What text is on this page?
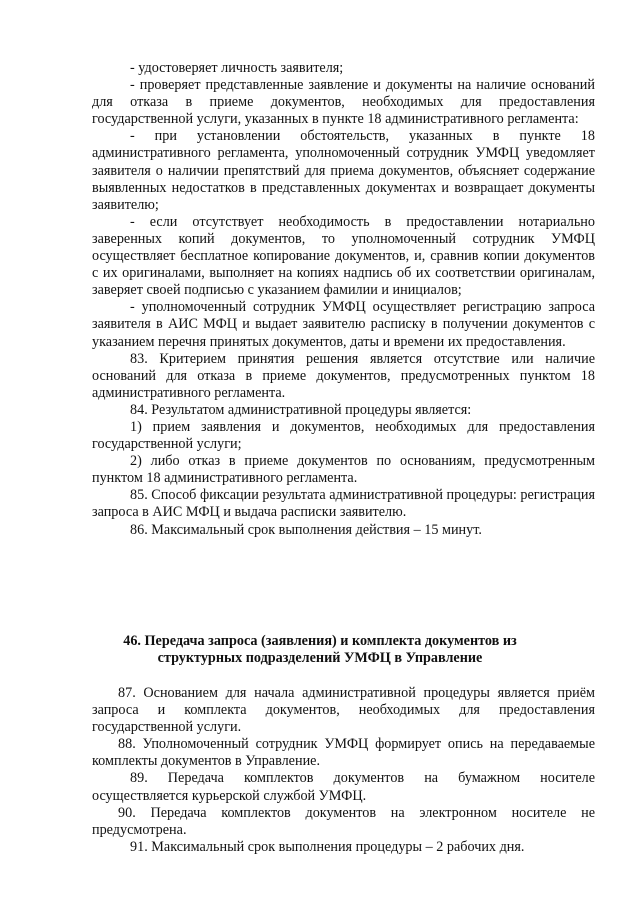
- удостоверяет личность заявителя;

- проверяет представленные заявление и документы на наличие оснований для отказа в приеме документов, необходимых для предоставления государственной услуги, указанных в пункте 18 административного регламента:

- при установлении обстоятельств, указанных в пункте 18 административного регламента, уполномоченный сотрудник УМФЦ уведомляет заявителя о наличии препятствий для приема документов, объясняет содержание выявленных недостатков в представленных документах и возвращает документы заявителю;

- если отсутствует необходимость в предоставлении нотариально заверенных копий документов, то уполномоченный сотрудник УМФЦ осуществляет бесплатное копирование документов, и, сравнив копии документов с их оригиналами, выполняет на копиях надпись об их соответствии оригиналам, заверяет своей подписью с указанием фамилии и инициалов;

- уполномоченный сотрудник УМФЦ осуществляет регистрацию запроса заявителя в АИС МФЦ и выдает заявителю расписку в получении документов с указанием перечня принятых документов, даты и времени их предоставления.

83. Критерием принятия решения является отсутствие или наличие оснований для отказа в приеме документов, предусмотренных пунктом 18 административного регламента.

84. Результатом административной процедуры является:

1) прием заявления и документов, необходимых для предоставления государственной услуги;

2) либо отказ в приеме документов по основаниям, предусмотренным пунктом 18 административного регламента.

85. Способ фиксации результата административной процедуры: регистрация запроса в АИС МФЦ и выдача расписки заявителю.

86. Максимальный срок выполнения действия – 15 минут.

46. Передача запроса (заявления) и комплекта документов из структурных подразделений УМФЦ в Управление

87. Основанием для начала административной процедуры является приём запроса и комплекта документов, необходимых для предоставления государственной услуги.

88. Уполномоченный сотрудник УМФЦ формирует опись на передаваемые комплекты документов в Управление.

89. Передача комплектов документов на бумажном носителе осуществляется курьерской службой УМФЦ.

90. Передача комплектов документов на электронном носителе не предусмотрена.

91. Максимальный срок выполнения процедуры – 2 рабочих дня.
